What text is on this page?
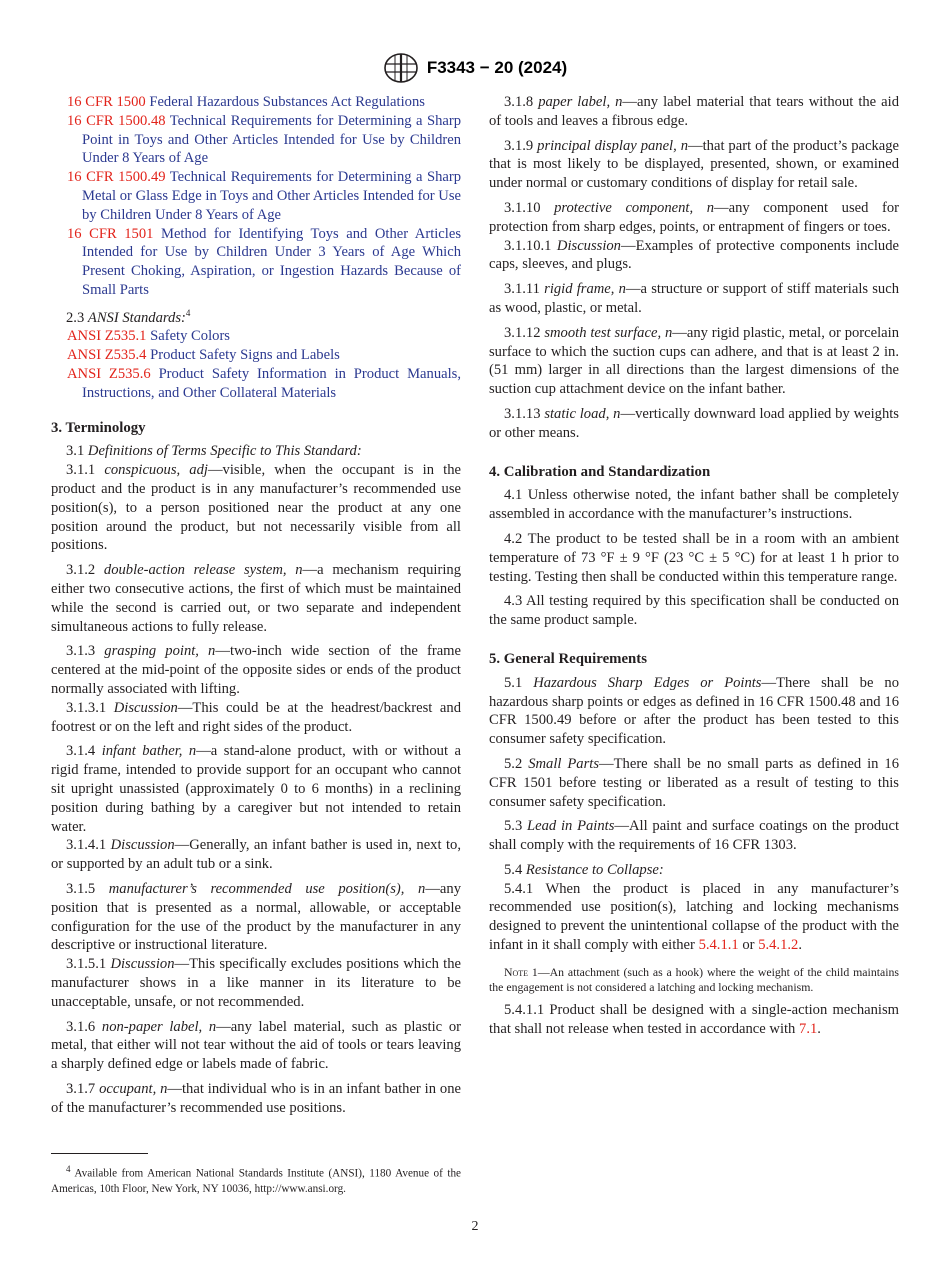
F3343 − 20 (2024)
16 CFR 1500 Federal Hazardous Substances Act Regulations
16 CFR 1500.48 Technical Requirements for Determining a Sharp Point in Toys and Other Articles Intended for Use by Children Under 8 Years of Age
16 CFR 1500.49 Technical Requirements for Determining a Sharp Metal or Glass Edge in Toys and Other Articles Intended for Use by Children Under 8 Years of Age
16 CFR 1501 Method for Identifying Toys and Other Articles Intended for Use by Children Under 3 Years of Age Which Present Choking, Aspiration, or Ingestion Hazards Because of Small Parts

2.3 ANSI Standards:$^4$

ANSI Z535.1 Safety Colors
ANSI Z535.4 Product Safety Signs and Labels
ANSI Z535.6 Product Safety Information in Product Manuals, Instructions, and Other Collateral Materials
3. Terminology

3.1 Definitions of Terms Specific to This Standard:

3.1.1 conspicuous, adj—visible, when the occupant is in the product and the product is in any manufacturer’s recommended use position(s), to a person positioned near the product at any one position around the product, but not necessarily visible from all positions.

3.1.2 double-action release system, n—a mechanism requiring either two consecutive actions, the first of which must be maintained while the second is carried out, or two separate and independent simultaneous actions to fully release.

3.1.3 grasping point, n—two-inch wide section of the frame centered at the mid-point of the opposite sides or ends of the product normally associated with lifting.

3.1.3.1 Discussion—This could be at the headrest/backrest and footrest or on the left and right sides of the product.

3.1.4 infant bather, n—a stand-alone product, with or without a rigid frame, intended to provide support for an occupant who cannot sit upright unassisted (approximately 0 to 6 months) in a reclining position during bathing by a caregiver but not intended to retain water.

3.1.4.1 Discussion—Generally, an infant bather is used in, next to, or supported by an adult tub or a sink.

3.1.5 manufacturer’s recommended use position(s), n—any position that is presented as a normal, allowable, or acceptable configuration for the use of the product by the manufacturer in any descriptive or instructional literature.

3.1.5.1 Discussion—This specifically excludes positions which the manufacturer shows in a like manner in its literature to be unacceptable, unsafe, or not recommended.

3.1.6 non-paper label, n—any label material, such as plastic or metal, that either will not tear without the aid of tools or tears leaving a sharply defined edge or labels made of fabric.

3.1.7 occupant, n—that individual who is in an infant bather in one of the manufacturer’s recommended use positions.

3.1.8 paper label, n—any label material that tears without the aid of tools and leaves a fibrous edge.

3.1.9 principal display panel, n—that part of the product’s package that is most likely to be displayed, presented, shown, or examined under normal or customary conditions of display for retail sale.

3.1.10 protective component, n—any component used for protection from sharp edges, points, or entrapment of fingers or toes.

3.1.10.1 Discussion—Examples of protective components include caps, sleeves, and plugs.

3.1.11 rigid frame, n—a structure or support of stiff materials such as wood, plastic, or metal.

3.1.12 smooth test surface, n—any rigid plastic, metal, or porcelain surface to which the suction cups can adhere, and that is at least 2 in. (51 mm) larger in all directions than the largest dimensions of the suction cup attachment device on the infant bather.

3.1.13 static load, n—vertically downward load applied by weights or other means.

4. Calibration and Standardization

4.1 Unless otherwise noted, the infant bather shall be completely assembled in accordance with the manufacturer’s instructions.

4.2 The product to be tested shall be in a room with an ambient temperature of 73 °F ± 9 °F (23 °C ± 5 °C) for at least 1 h prior to testing. Testing then shall be conducted within this temperature range.

4.3 All testing required by this specification shall be conducted on the same product sample.

5. General Requirements

5.1 Hazardous Sharp Edges or Points—There shall be no hazardous sharp points or edges as defined in 16 CFR 1500.48 and 16 CFR 1500.49 before or after the product has been tested to this consumer safety specification.

5.2 Small Parts—There shall be no small parts as defined in 16 CFR 1501 before testing or liberated as a result of testing to this consumer safety specification.

5.3 Lead in Paints—All paint and surface coatings on the product shall comply with the requirements of 16 CFR 1303.

5.4 Resistance to Collapse:

5.4.1 When the product is placed in any manufacturer’s recommended use position(s), latching and locking mechanisms designed to prevent the unintentional collapse of the product with the infant in it shall comply with either 5.4.1.1 or 5.4.1.2.

Note 1—An attachment (such as a hook) where the weight of the child maintains the engagement is not considered a latching and locking mechanism.

5.4.1.1 Product shall be designed with a single-action mechanism that shall not release when tested in accordance with 7.1.

$^4$ Available from American National Standards Institute (ANSI), 1180 Avenue of the Americas, 10th Floor, New York, NY 10036, http://www.ansi.org.
2
